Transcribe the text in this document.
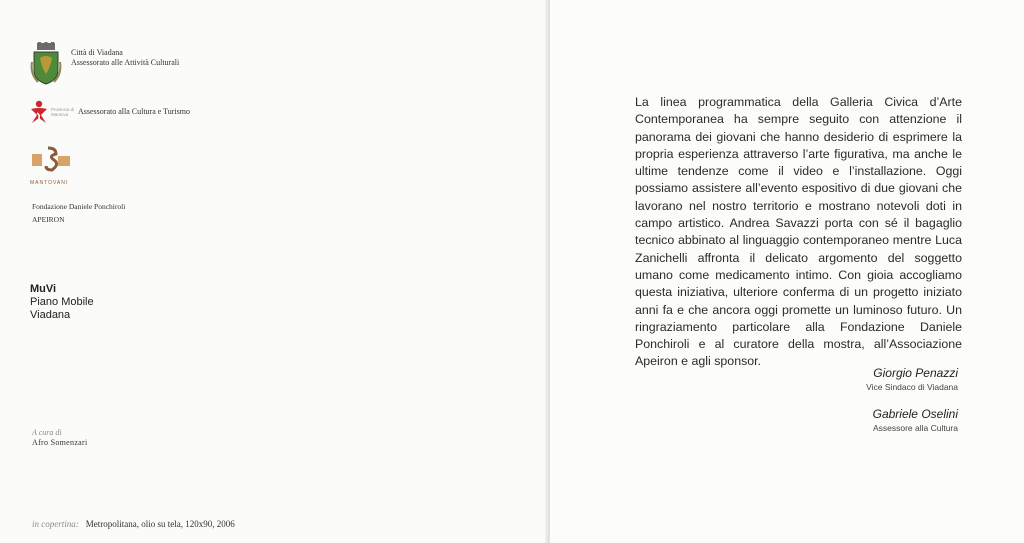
Città di Viadana
Assessorato alle Attività Culturali
Provincia di Mantova	Assessorato alla Cultura e Turismo
MANTOVANI
Fondazione Daniele Ponchiroli
APEIRON
MuVi
Piano Mobile
Viadana
A cura di
Afro Somenzari
in copertina: Metropolitana, olio su tela, 120x90, 2006
La linea programmatica della Galleria Civica d’Arte Contemporanea ha sempre seguito con attenzione il panorama dei giovani che hanno desiderio di esprimere la propria esperienza attraverso l’arte figurativa, ma anche le ultime tendenze come il video e l’installazione. Oggi possiamo assistere all’evento espositivo di due giovani che lavorano nel nostro territorio e mostrano notevoli doti in campo artistico. Andrea Savazzi porta con sé il bagaglio tecnico abbinato al linguaggio contemporaneo mentre Luca Zanichelli affronta il delicato argomento del soggetto umano come medicamento intimo. Con gioia accogliamo questa iniziativa, ulteriore conferma di un progetto iniziato anni fa e che ancora oggi promette un luminoso futuro. Un ringraziamento particolare alla Fondazione Daniele Ponchiroli e al curatore della mostra, all’Associazione Apeiron e agli sponsor.
Giorgio Penazzi
Vice Sindaco di Viadana
Gabriele Oselini
Assessore alla Cultura
